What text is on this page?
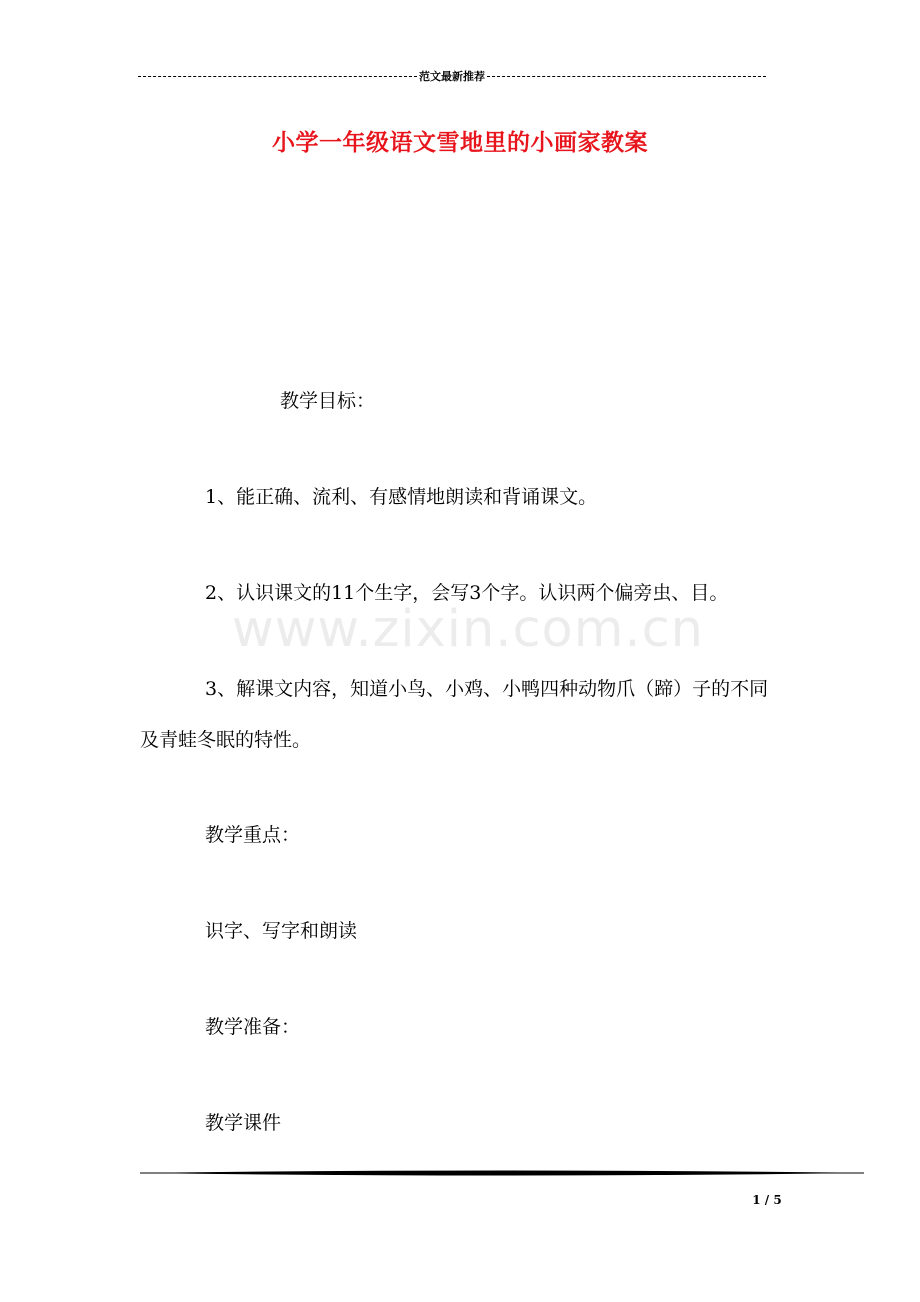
范文最新推荐
小学一年级语文雪地里的小画家教案
教学目标：
1、能正确、流利、有感情地朗读和背诵课文。
2、认识课文的11个生字，会写3个字。认识两个偏旁虫、目。
3、解课文内容，知道小鸟、小鸡、小鸭四种动物爪（蹄）子的不同及青蛙冬眠的特性。
教学重点：
识字、写字和朗读
教学准备：
教学课件
www.zixin.com.cn
1 / 5
